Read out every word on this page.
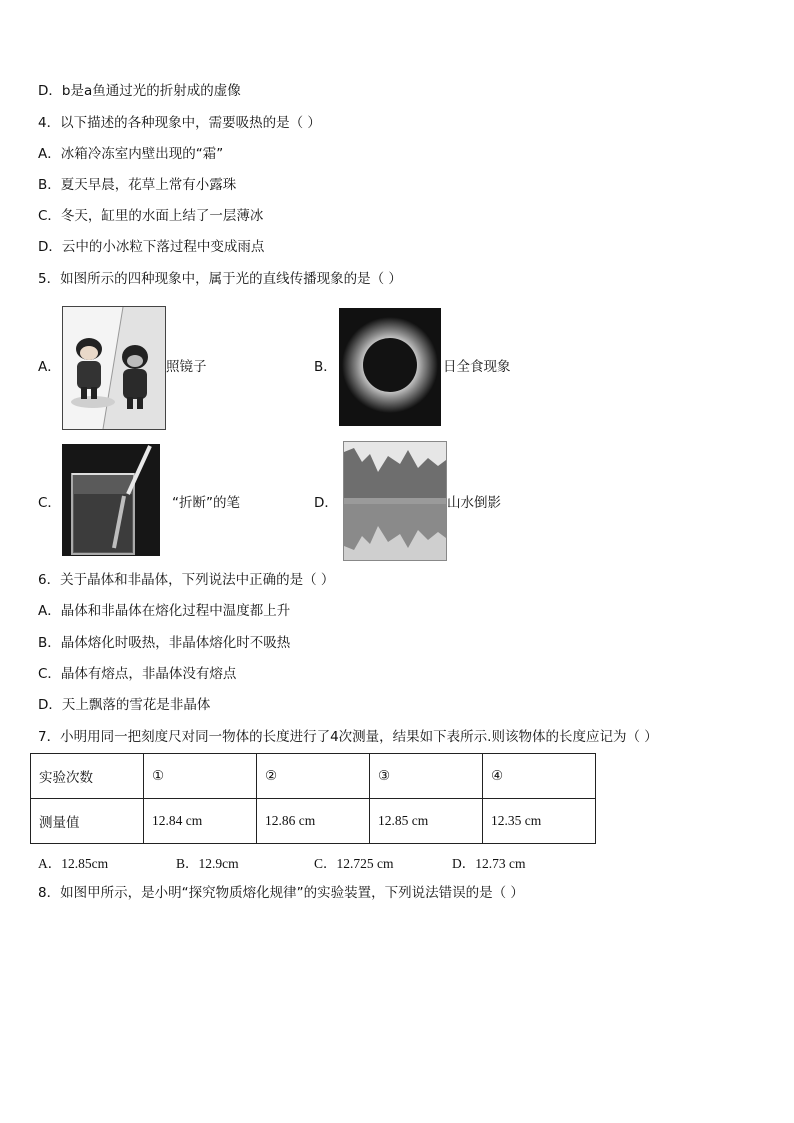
D．b是a鱼通过光的折射成的虚像
4．以下描述的各种现象中，需要吸热的是（ ）
A．冰箱冷冻室内壁出现的“霜”
B．夏天早晨，花草上常有小露珠
C．冬天，缸里的水面上结了一层薄冰
D．云中的小冰粒下落过程中变成雨点
5．如图所示的四种现象中，属于光的直线传播现象的是（ ）
A．	照镜子	B．	日全食现象
C．	“折断”的笔	D．	山水倒影
6．关于晶体和非晶体，下列说法中正确的是（ ）
A．晶体和非晶体在熔化过程中温度都上升
B．晶体熔化时吸热，非晶体熔化时不吸热
C．晶体有熔点，非晶体没有熔点
D．天上飘落的雪花是非晶体
7．小明用同一把刻度尺对同一物体的长度进行了4次测量，结果如下表所示.则该物体的长度应记为（ ）
实验次数	①	②	③	④
测量值	12.84 cm	12.86 cm	12.85 cm	12.35 cm
A．12.85cm	B．12.9cm	C．12.725 cm	D．12.73 cm
8．如图甲所示，是小明“探究物质熔化规律”的实验装置，下列说法错误的是（ ）
